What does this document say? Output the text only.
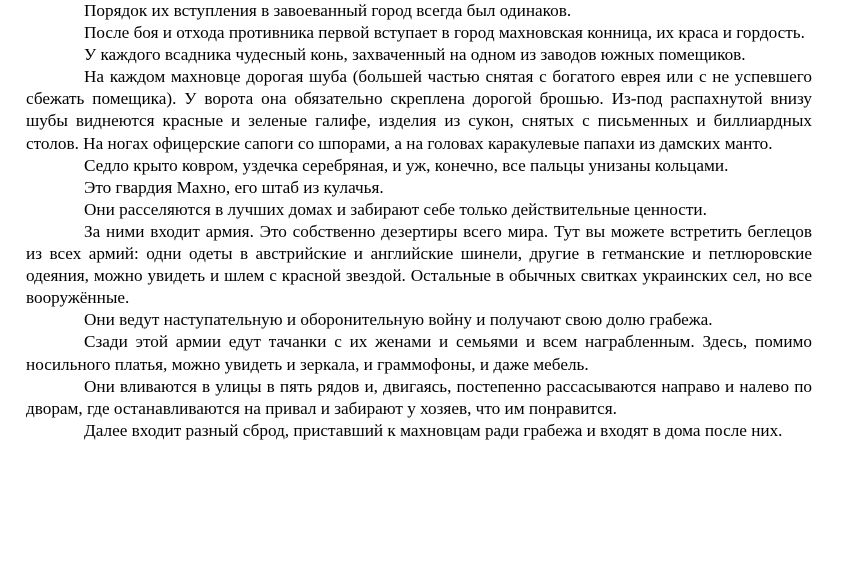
Порядок их вступления в завоеванный город всегда был одинаков.

После боя и отхода противника первой вступает в город махновская конница, их краса и гордость.

У каждого всадника чудесный конь, захваченный на одном из заводов южных помещиков.

На каждом махновце дорогая шуба (большей частью снятая с богатого еврея или с не успевшего сбежать помещика). У ворота она обязательно скреплена дорогой брошью. Из-под распахнутой внизу шубы виднеются красные и зеленые галифе, изделия из сукон, снятых с письменных и биллиардных столов. На ногах офицерские сапоги со шпорами, а на головах каракулевые папахи из дамских манто.

Седло крыто ковром, уздечка серебряная, и уж, конечно, все пальцы унизаны кольцами.

Это гвардия Махно, его штаб из кулачья.

Они расселяются в лучших домах и забирают себе только действительные ценности.

За ними входит армия. Это собственно дезертиры всего мира. Тут вы можете встретить беглецов из всех армий: одни одеты в австрийские и английские шинели, другие в гетманские и петлюровские одеяния, можно увидеть и шлем с красной звездой. Остальные в обычных свитках украинских сел, но все вооружённые.

Они ведут наступательную и оборонительную войну и получают свою долю грабежа.

Сзади этой армии едут тачанки с их женами и семьями и всем награбленным. Здесь, помимо носильного платья, можно увидеть и зеркала, и граммофоны, и даже мебель.

Они вливаются в улицы в пять рядов и, двигаясь, постепенно рассасываются направо и налево по дворам, где останавливаются на привал и забирают у хозяев, что им понравится.

Далее входит разный сброд, приставший к махновцам ради грабежа и входят в дома после них.
